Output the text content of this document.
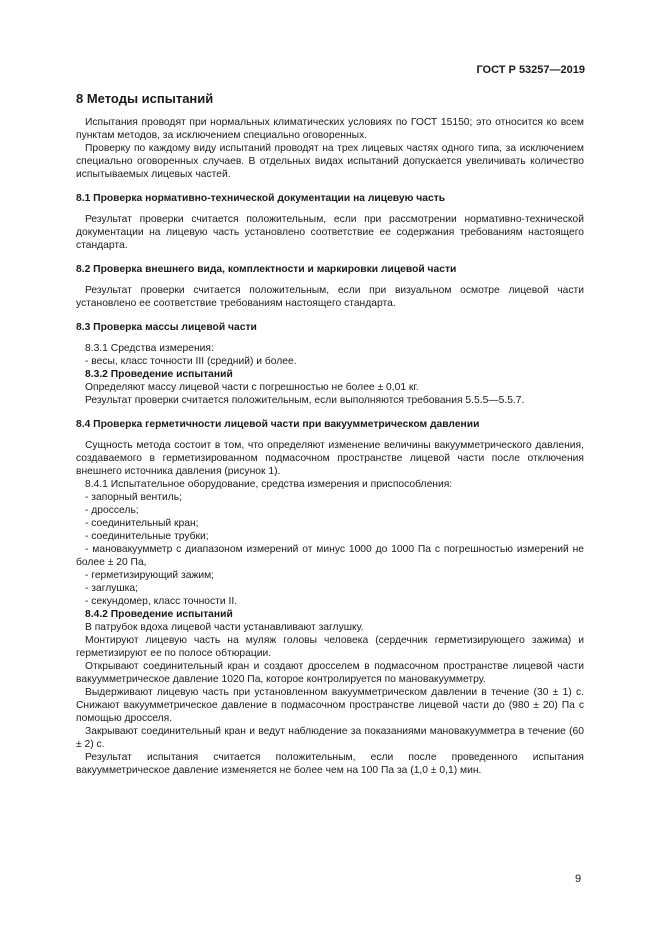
ГОСТ Р 53257—2019
8 Методы испытаний

Испытания проводят при нормальных климатических условиях по ГОСТ 15150; это относится ко всем пунктам методов, за исключением специально оговоренных.

Проверку по каждому виду испытаний проводят на трех лицевых частях одного типа, за исключением специально оговоренных случаев. В отдельных видах испытаний допускается увеличивать количество испытываемых лицевых частей.

8.1 Проверка нормативно-технической документации на лицевую часть

Результат проверки считается положительным, если при рассмотрении нормативно-технической документации на лицевую часть установлено соответствие ее содержания требованиям настоящего стандарта.

8.2 Проверка внешнего вида, комплектности и маркировки лицевой части

Результат проверки считается положительным, если при визуальном осмотре лицевой части установлено ее соответствие требованиям настоящего стандарта.

8.3 Проверка массы лицевой части

8.3.1 Средства измерения:

- весы, класс точности III (средний) и более.

8.3.2 Проведение испытаний

Определяют массу лицевой части с погрешностью не более ± 0,01 кг.

Результат проверки считается положительным, если выполняются требования 5.5.5—5.5.7.

8.4 Проверка герметичности лицевой части при вакуумметрическом давлении

Сущность метода состоит в том, что определяют изменение величины вакуумметрического давления, создаваемого в герметизированном подмасочном пространстве лицевой части после отключения внешнего источника давления (рисунок 1).

8.4.1 Испытательное оборудование, средства измерения и приспособления:

- запорный вентиль;

- дроссель;

- соединительный кран;

- соединительные трубки;

- мановакуумметр с диапазоном измерений от минус 1000 до 1000 Па с погрешностью измерений не более ± 20 Па,

- герметизирующий зажим;

- заглушка;

- секундомер, класс точности II.

8.4.2 Проведение испытаний

В патрубок вдоха лицевой части устанавливают заглушку.

Монтируют лицевую часть на муляж головы человека (сердечник герметизирующего зажима) и герметизируют ее по полосе обтюрации.

Открывают соединительный кран и создают дросселем в подмасочном пространстве лицевой части вакуумметрическое давление 1020 Па, которое контролируется по мановакуумметру.

Выдерживают лицевую часть при установленном вакуумметрическом давлении в течение (30 ± 1) с. Снижают вакуумметрическое давление в подмасочном пространстве лицевой части до (980 ± 20) Па с помощью дросселя.

Закрывают соединительный кран и ведут наблюдение за показаниями мановакуумметра в течение (60 ± 2) с.

Результат испытания считается положительным, если после проведенного испытания вакуумметрическое давление изменяется не более чем на 100 Па за (1,0 ± 0,1) мин.

9
